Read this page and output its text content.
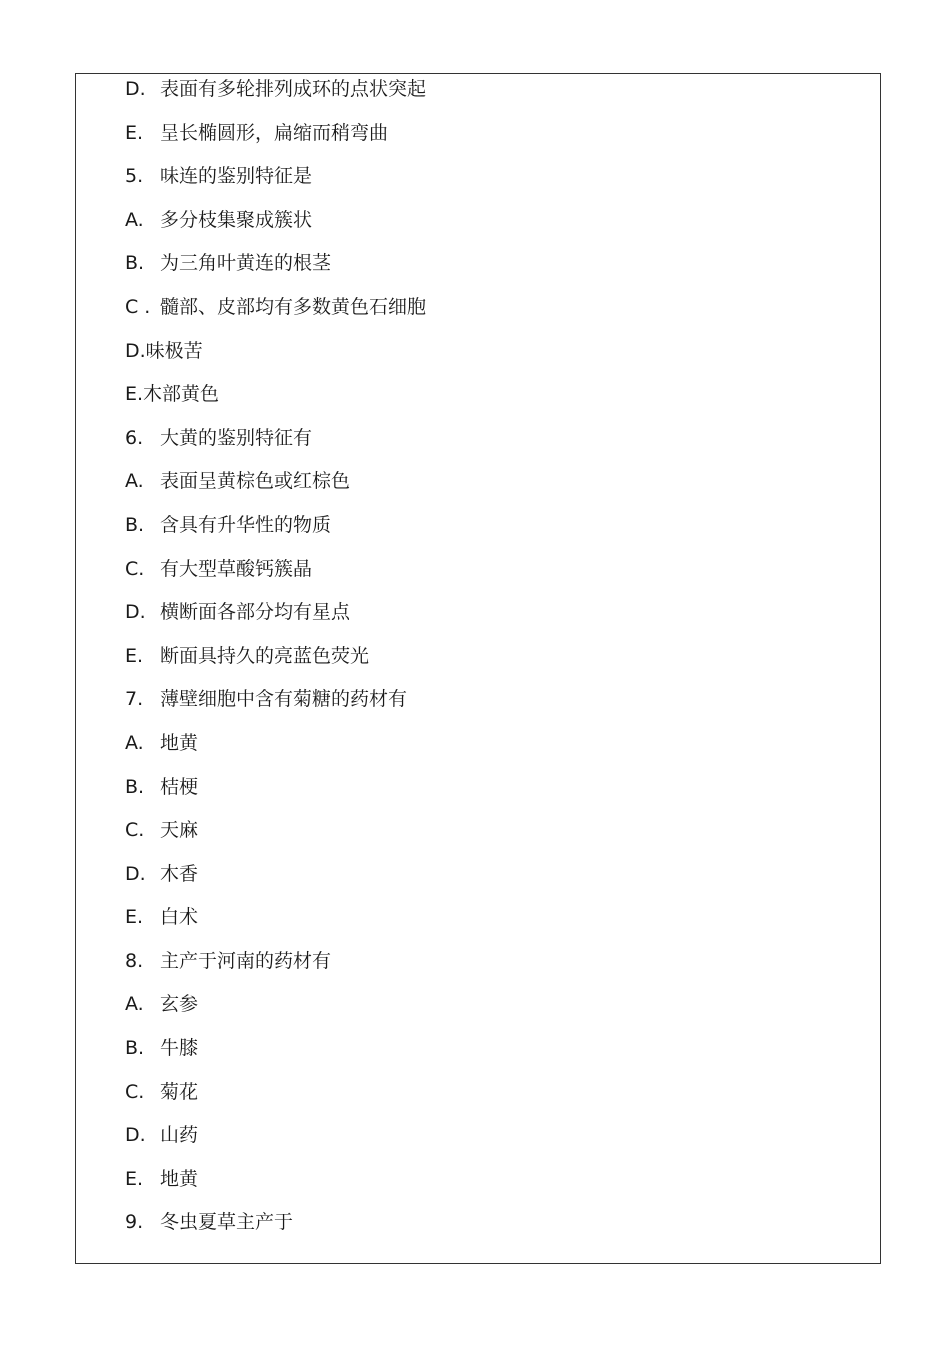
D. 表面有多轮排列成环的点状突起
E. 呈长椭圆形，扁缩而稍弯曲
5. 味连的鉴别特征是
A. 多分枝集聚成簇状
B. 为三角叶黄连的根茎
C . 髓部、皮部均有多数黄色石细胞
D.味极苦
E.木部黄色
6. 大黄的鉴别特征有
A. 表面呈黄棕色或红棕色
B. 含具有升华性的物质
C. 有大型草酸钙簇晶
D. 横断面各部分均有星点
E. 断面具持久的亮蓝色荧光
7. 薄壁细胞中含有菊糖的药材有
A. 地黄
B. 桔梗
C. 天麻
D. 木香
E. 白术
8. 主产于河南的药材有
A. 玄参
B. 牛膝
C. 菊花
D. 山药
E. 地黄
9. 冬虫夏草主产于
